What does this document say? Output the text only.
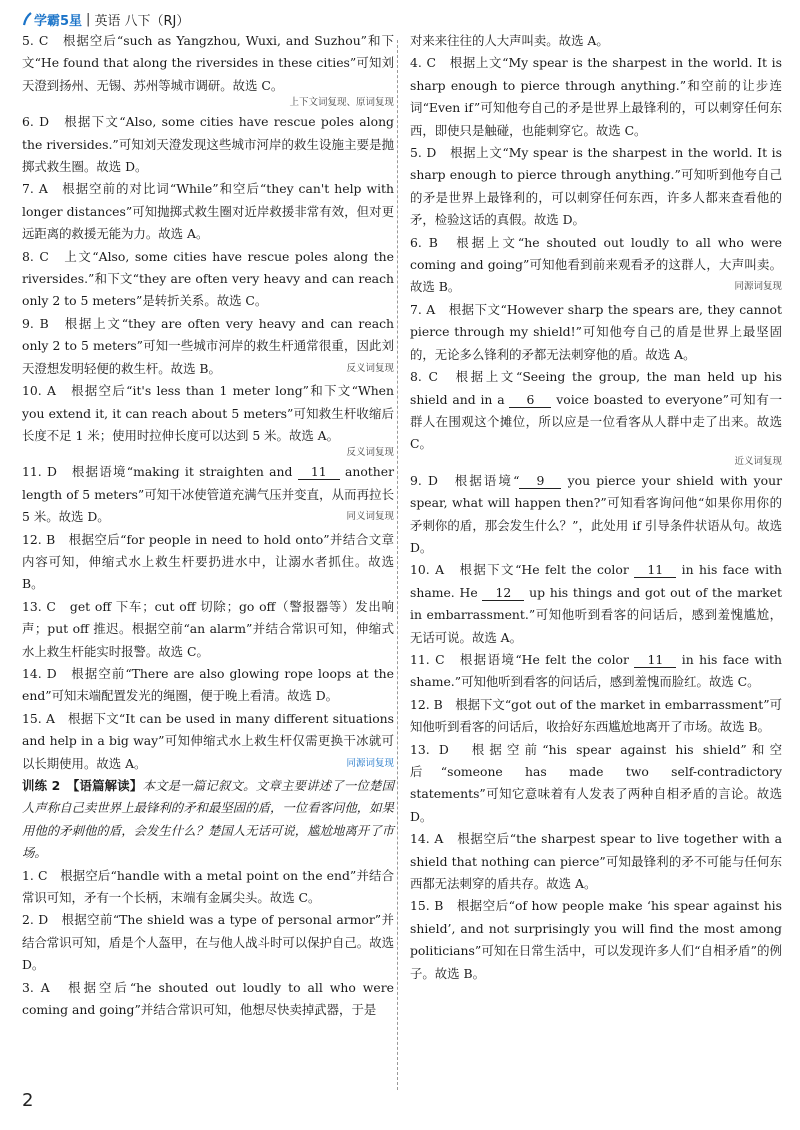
学霸5星 | 英语 八下（RJ）

5. C　根据空后“such as Yangzhou, Wuxi, and Suzhou”和下文“He found that along the riversides in these cities”可知刘天澄到扬州、无锡、苏州等城市调研。故选 C。

上下文词复现、原词复现

6. D　根据下文“Also, some cities have rescue poles along the riversides.”可知刘天澄发现这些城市河岸的救生设施主要是抛掷式救生圈。故选 D。

7. A　根据空前的对比词“While”和空后“they can't help with longer distances”可知抛掷式救生圈对近岸救援非常有效，但对更远距离的救援无能为力。故选 A。

8. C　上文“Also, some cities have rescue poles along the riversides.”和下文“they are often very heavy and can reach only 2 to 5 meters”是转折关系。故选 C。

9. B　根据上文“they are often very heavy and can reach only 2 to 5 meters”可知一些城市河岸的救生杆通常很重，因此刘天澄想发明轻便的救生杆。故选 B。	反义词复现

10. A　根据空后“it's less than 1 meter long”和下文“When you extend it, it can reach about 5 meters”可知救生杆收缩后长度不足 1 米；使用时拉伸长度可以达到 5 米。故选 A。

反义词复现

11. D　根据语境“making it straighten and 11 another length of 5 meters”可知干冰使管道充满气压并变直，从而再拉长 5 米。故选 D。	同义词复现

12. B　根据空后“for people in need to hold onto”并结合文章内容可知，伸缩式水上救生杆要扔进水中，让溺水者抓住。故选 B。

13. C　get off 下车；cut off 切除；go off（警报器等）发出响声；put off 推迟。根据空前“an alarm”并结合常识可知，伸缩式水上救生杆能实时报警。故选 C。

14. D　根据空前“There are also glowing rope loops at the end”可知末端配置发光的绳圈，便于晚上看清。故选 D。

15. A　根据下文“It can be used in many different situations and help in a big way”可知伸缩式水上救生杆仅需更换干冰就可以长期使用。故选 A。	同源词复现

训练 2　【语篇解读】本文是一篇记叙文。文章主要讲述了一位楚国人声称自己卖世界上最锋利的矛和最坚固的盾，一位看客问他，如果用他的矛刺他的盾，会发生什么？楚国人无话可说，尴尬地离开了市场。

1. C　根据空后“handle with a metal point on the end”并结合常识可知，矛有一个长柄，末端有金属尖头。故选 C。

2. D　根据空前“The shield was a type of personal armor”并结合常识可知，盾是个人盔甲，在与他人战斗时可以保护自己。故选 D。

3. A　根据空后“he shouted out loudly to all who were coming and going”并结合常识可知，他想尽快卖掉武器，于是

对来来往往的人大声叫卖。故选 A。

4. C　根据上文“My spear is the sharpest in the world. It is sharp enough to pierce through anything.”和空前的让步连词“Even if”可知他夸自己的矛是世界上最锋利的，可以刺穿任何东西，即使只是触碰，也能刺穿它。故选 C。

5. D　根据上文“My spear is the sharpest in the world. It is sharp enough to pierce through anything.”可知听到他夸自己的矛是世界上最锋利的，可以刺穿任何东西，许多人都来查看他的矛，检验这话的真假。故选 D。

6. B　根据上文“he shouted out loudly to all who were coming and going”可知他看到前来观看矛的这群人，大声叫卖。故选 B。	同源词复现

7. A　根据下文“However sharp the spears are, they cannot pierce through my shield!”可知他夸自己的盾是世界上最坚固的，无论多么锋利的矛都无法刺穿他的盾。故选 A。

8. C　根据上文“Seeing the group, the man held up his shield and in a 6 voice boasted to everyone”可知有一群人在围观这个摊位，所以应是一位看客从人群中走了出来。故选 C。

近义词复现

9. D　根据语境“ 9 you pierce your shield with your spear, what will happen then?”可知看客询问他“如果你用你的矛刺你的盾，那会发生什么？”，此处用 if 引导条件状语从句。故选 D。

10. A　根据下文“He felt the color 11 in his face with shame. He 12 up his things and got out of the market in embarrassment.”可知他听到看客的问话后，感到羞愧尴尬，无话可说。故选 A。

11. C　根据语境“He felt the color 11 in his face with shame.”可知他听到看客的问话后，感到羞愧而脸红。故选 C。

12. B　根据下文“got out of the market in embarrassment”可知他听到看客的问话后，收拾好东西尴尬地离开了市场。故选 B。

13. D　根据空前“his spear against his shield”和空后“someone has made two self-contradictory statements”可知它意味着有人发表了两种自相矛盾的言论。故选 D。

14. A　根据空后“the sharpest spear to live together with a shield that nothing can pierce”可知最锋利的矛不可能与任何东西都无法刺穿的盾共存。故选 A。

15. B　根据空后“of how people make ‘his spear against his shield’, and not surprisingly you will find the most among politicians”可知在日常生活中，可以发现许多人们“自相矛盾”的例子。故选 B。

2
